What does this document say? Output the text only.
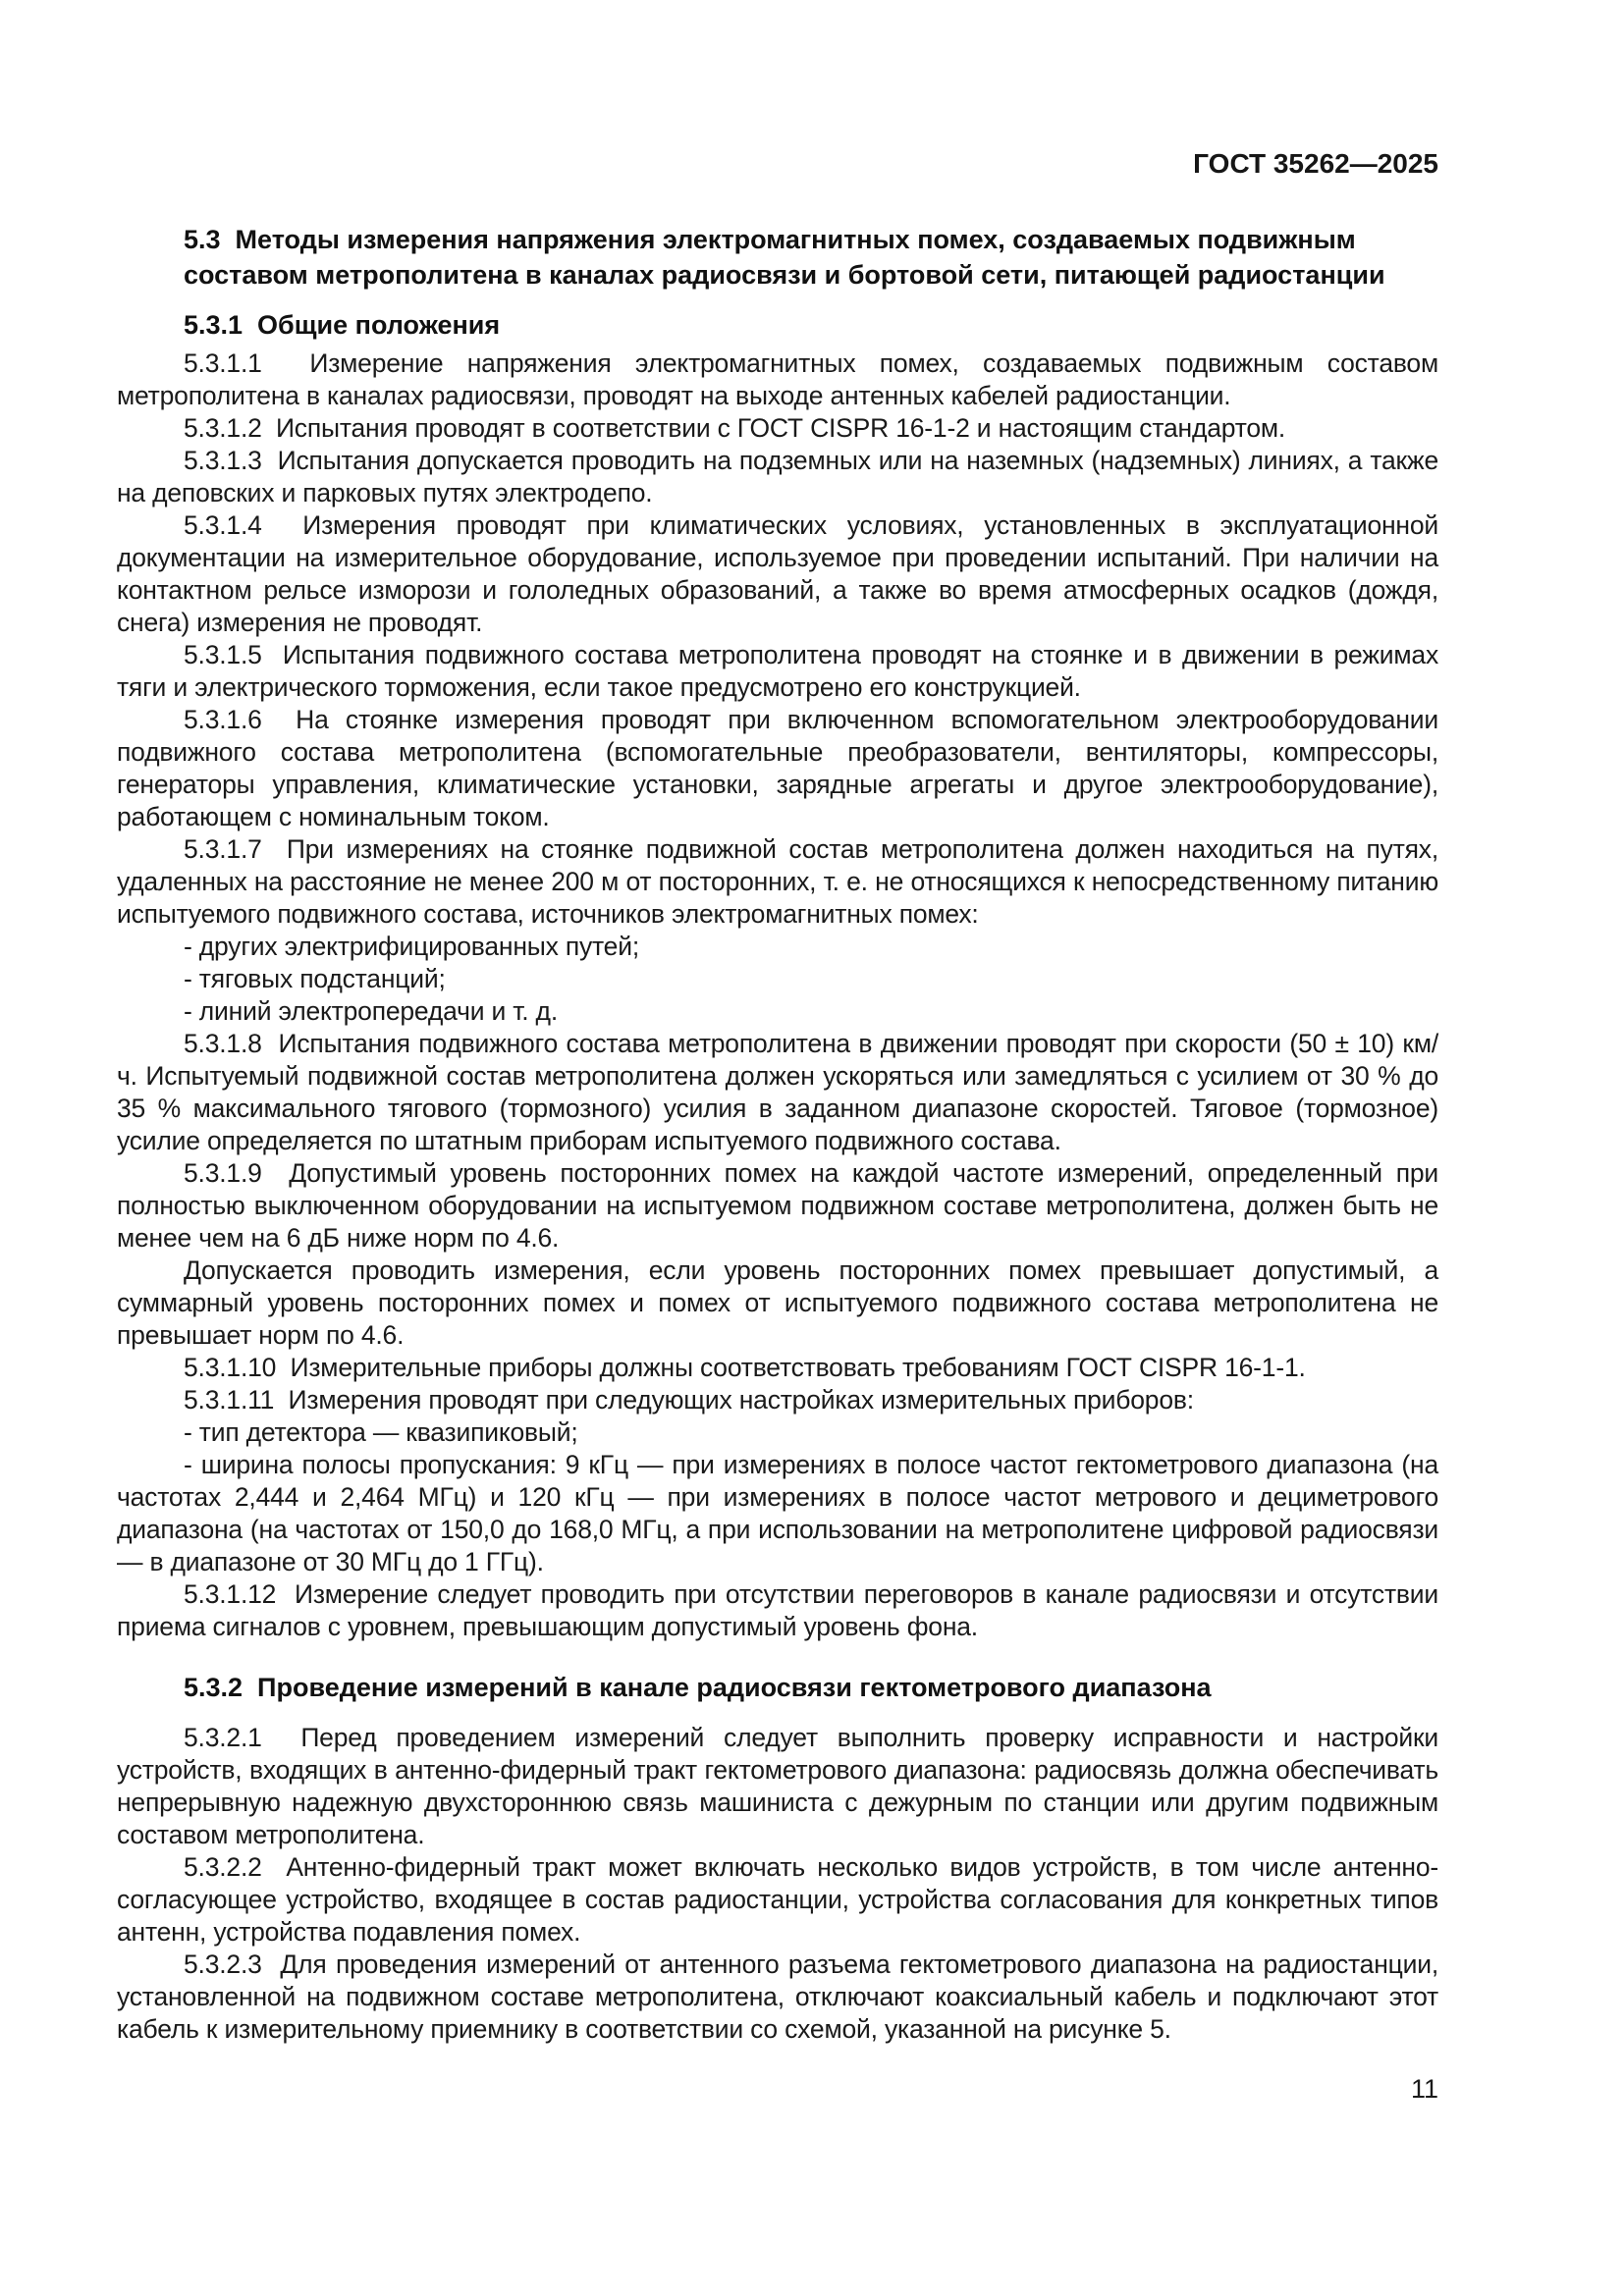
ГОСТ 35262—2025
5.3  Методы измерения напряжения электромагнитных помех, создаваемых подвижным составом метрополитена в каналах радиосвязи и бортовой сети, питающей радиостанции
5.3.1  Общие положения

5.3.1.1  Измерение напряжения электромагнитных помех, создаваемых подвижным составом метрополитена в каналах радиосвязи, проводят на выходе антенных кабелей радиостанции.

5.3.1.2  Испытания проводят в соответствии с ГОСТ CISPR 16-1-2 и настоящим стандартом.

5.3.1.3  Испытания допускается проводить на подземных или на наземных (надземных) линиях, а также на деповских и парковых путях электродепо.

5.3.1.4  Измерения проводят при климатических условиях, установленных в эксплуатационной документации на измерительное оборудование, используемое при проведении испытаний. При наличии на контактном рельсе изморози и гололедных образований, а также во время атмосферных осадков (дождя, снега) измерения не проводят.

5.3.1.5  Испытания подвижного состава метрополитена проводят на стоянке и в движении в режимах тяги и электрического торможения, если такое предусмотрено его конструкцией.

5.3.1.6  На стоянке измерения проводят при включенном вспомогательном электрооборудовании подвижного состава метрополитена (вспомогательные преобразователи, вентиляторы, компрессоры, генераторы управления, климатические установки, зарядные агрегаты и другое электрооборудование), работающем с номинальным током.

5.3.1.7  При измерениях на стоянке подвижной состав метрополитена должен находиться на путях, удаленных на расстояние не менее 200 м от посторонних, т. е. не относящихся к непосредственному питанию испытуемого подвижного состава, источников электромагнитных помех:

- других электрифицированных путей;

- тяговых подстанций;

- линий электропередачи и т. д.

5.3.1.8  Испытания подвижного состава метрополитена в движении проводят при скорости (50 ± 10) км/ч. Испытуемый подвижной состав метрополитена должен ускоряться или замедляться с усилием от 30 % до 35 % максимального тягового (тормозного) усилия в заданном диапазоне скоростей. Тяговое (тормозное) усилие определяется по штатным приборам испытуемого подвижного состава.

5.3.1.9  Допустимый уровень посторонних помех на каждой частоте измерений, определенный при полностью выключенном оборудовании на испытуемом подвижном составе метрополитена, должен быть не менее чем на 6 дБ ниже норм по 4.6.

Допускается проводить измерения, если уровень посторонних помех превышает допустимый, а суммарный уровень посторонних помех и помех от испытуемого подвижного состава метрополитена не превышает норм по 4.6.

5.3.1.10  Измерительные приборы должны соответствовать требованиям ГОСТ CISPR 16-1-1.

5.3.1.11  Измерения проводят при следующих настройках измерительных приборов:

- тип детектора — квазипиковый;

- ширина полосы пропускания: 9 кГц — при измерениях в полосе частот гектометрового диапазона (на частотах 2,444 и 2,464 МГц) и 120 кГц — при измерениях в полосе частот метрового и дециметрового диапазона (на частотах от 150,0 до 168,0 МГц, а при использовании на метрополитене цифровой радиосвязи — в диапазоне от 30 МГц до 1 ГГц).

5.3.1.12  Измерение следует проводить при отсутствии переговоров в канале радиосвязи и отсутствии приема сигналов с уровнем, превышающим допустимый уровень фона.

5.3.2  Проведение измерений в канале радиосвязи гектометрового диапазона

5.3.2.1  Перед проведением измерений следует выполнить проверку исправности и настройки устройств, входящих в антенно-фидерный тракт гектометрового диапазона: радиосвязь должна обеспечивать непрерывную надежную двухстороннюю связь машиниста с дежурным по станции или другим подвижным составом метрополитена.

5.3.2.2  Антенно-фидерный тракт может включать несколько видов устройств, в том числе антенно-согласующее устройство, входящее в состав радиостанции, устройства согласования для конкретных типов антенн, устройства подавления помех.

5.3.2.3  Для проведения измерений от антенного разъема гектометрового диапазона на радиостанции, установленной на подвижном составе метрополитена, отключают коаксиальный кабель и подключают этот кабель к измерительному приемнику в соответствии со схемой, указанной на рисунке 5.

11
